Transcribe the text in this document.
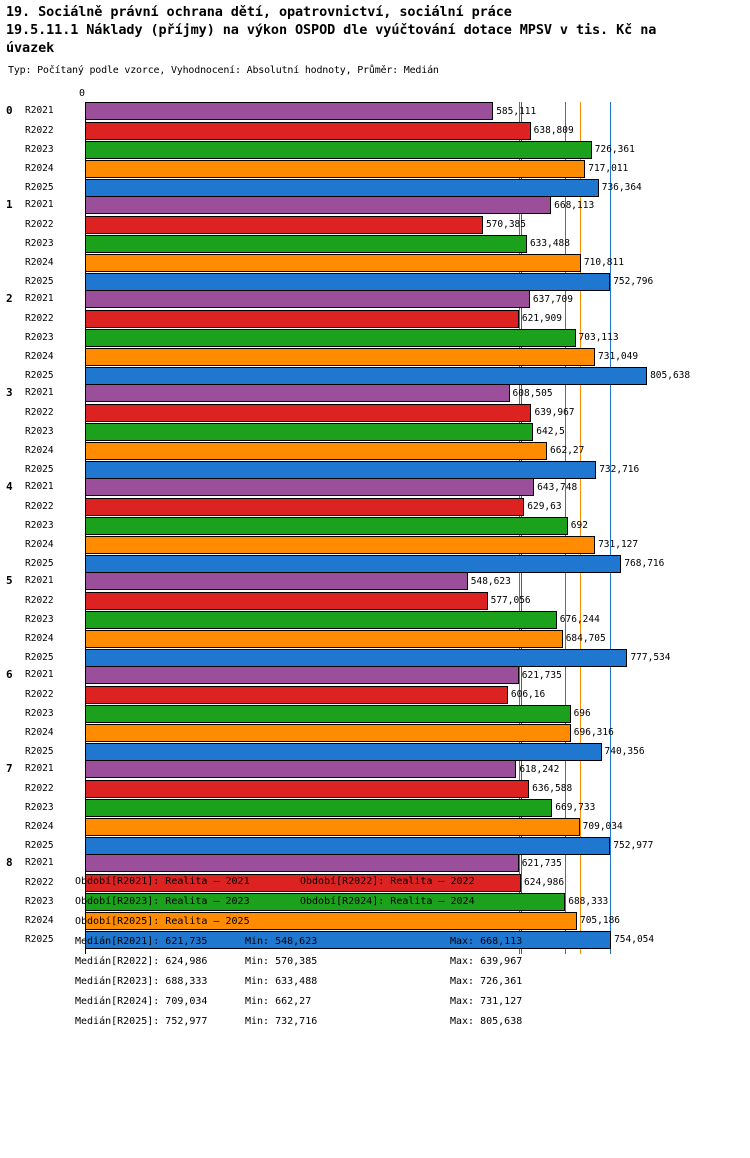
19. Sociálně právní ochrana dětí, opatrovnictví, sociální práce
19.5.11.1 Náklady (příjmy) na výkon OSPOD dle vyúčtování dotace MPSV v tis. Kč na
úvazek
Typ: Počítaný podle vzorce, Vyhodnocení: Absolutní hodnoty, Průměr: Medián
0
0 R2021	585,111
R2022	638,809
R2023	726,361
R2024	717,011
R2025	736,364
1 R2021	668,113
R2022	570,385
R2023	633,488
R2024	710,811
R2025	752,796
2 R2021	637,709
R2022	621,909
R2023	703,113
R2024	731,049
R2025	805,638
3 R2021	608,505
R2022	639,967
R2023	642,5
R2024	662,27
R2025	732,716
4 R2021	643,748
R2022	629,63
R2023	692
R2024	731,127
R2025	768,716
5 R2021	548,623
R2022	577,056
R2023	676,244
R2024	684,705
R2025	777,534
6 R2021	621,735
R2022	606,16
R2023	696
R2024	696,316
R2025	740,356
7 R2021	618,242
R2022	636,588
R2023	669,733
R2024	709,034
R2025	752,977
8 R2021	621,735
R2022	624,986
R2023	688,333
R2024	705,186
R2025	754,054
Období[R2021]: Realita – 2021	Období[R2022]: Realita – 2022
Období[R2023]: Realita – 2023	Období[R2024]: Realita – 2024
Období[R2025]: Realita – 2025
Medián[R2021]: 621,735	Min: 548,623	Max: 668,113
Medián[R2022]: 624,986	Min: 570,385	Max: 639,967
Medián[R2023]: 688,333	Min: 633,488	Max: 726,361
Medián[R2024]: 709,034	Min: 662,27	Max: 731,127
Medián[R2025]: 752,977	Min: 732,716	Max: 805,638
